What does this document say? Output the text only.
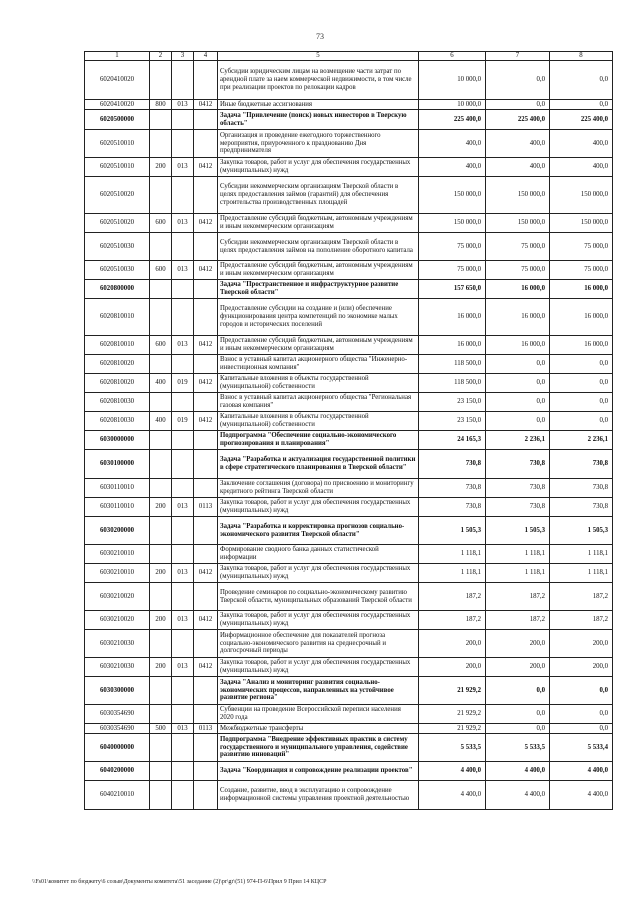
73
1	2	3	4	5	6	7	8
6020410020				Субсидии юридическим лицам на возмещение части затрат по арендной плате за наем коммерческой недвижимости, в том числе при реализации проектов по релокации кадров	10 000,0	0,0	0,0
6020410020	800	013	0412	Иные бюджетные ассигнования	10 000,0	0,0	0,0
6020500000				Задача "Привлечение (поиск) новых инвесторов в Тверскую область"	225 400,0	225 400,0	225 400,0
6020510010				Организация и проведение ежегодного торжественного мероприятия, приуроченного к празднованию Дня предпринимателя	400,0	400,0	400,0
6020510010	200	013	0412	Закупка товаров, работ и услуг для обеспечения государственных (муниципальных) нужд	400,0	400,0	400,0
6020510020				Субсидии некоммерческим организациям Тверской области в целях предоставления займов (гарантий) для обеспечения строительства производственных площадей	150 000,0	150 000,0	150 000,0
6020510020	600	013	0412	Предоставление субсидий бюджетным, автономным учреждениям и иным некоммерческим организациям	150 000,0	150 000,0	150 000,0
6020510030				Субсидии некоммерческим организациям Тверской области в целях предоставления займов на пополнение оборотного капитала	75 000,0	75 000,0	75 000,0
6020510030	600	013	0412	Предоставление субсидий бюджетным, автономным учреждениям и иным некоммерческим организациям	75 000,0	75 000,0	75 000,0
6020800000				Задача "Пространственное и инфраструктурное развитие Тверской области"	157 650,0	16 000,0	16 000,0
6020810010				Предоставление субсидии на создание и (или) обеспечение функционирования центра компетенций по экономике малых городов и исторических поселений	16 000,0	16 000,0	16 000,0
6020810010	600	013	0412	Предоставление субсидий бюджетным, автономным учреждениям и иным некоммерческим организациям	16 000,0	16 000,0	16 000,0
6020810020				Взнос в уставный капитал акционерного общества "Инженерно-инвестиционная компания"	118 500,0	0,0	0,0
6020810020	400	019	0412	Капитальные вложения в объекты государственной (муниципальной) собственности	118 500,0	0,0	0,0
6020810030				Взнос в уставный капитал акционерного общества "Региональная газовая компания"	23 150,0	0,0	0,0
6020810030	400	019	0412	Капитальные вложения в объекты государственной (муниципальной) собственности	23 150,0	0,0	0,0
6030000000				Подпрограмма "Обеспечение социально-экономического прогнозирования и планирования"	24 165,3	2 236,1	2 236,1
6030100000				Задача "Разработка и актуализация государственной политики в сфере стратегического планирования в Тверской области"	730,8	730,8	730,8
6030110010				Заключение соглашения (договора) по присвоению и мониторингу кредитного рейтинга Тверской области	730,8	730,8	730,8
6030110010	200	013	0113	Закупка товаров, работ и услуг для обеспечения государственных (муниципальных) нужд	730,8	730,8	730,8
6030200000				Задача "Разработка и корректировка прогнозов социально-экономического развития Тверской области"	1 505,3	1 505,3	1 505,3
6030210010				Формирование сводного банка данных статистической информации	1 118,1	1 118,1	1 118,1
6030210010	200	013	0412	Закупка товаров, работ и услуг для обеспечения государственных (муниципальных) нужд	1 118,1	1 118,1	1 118,1
6030210020				Проведение семинаров по социально-экономическому развитию Тверской области, муниципальных образований Тверской области	187,2	187,2	187,2
6030210020	200	013	0412	Закупка товаров, работ и услуг для обеспечения государственных (муниципальных) нужд	187,2	187,2	187,2
6030210030				Информационное обеспечение для показателей прогноза социально-экономического развития на среднесрочный и долгосрочный периоды	200,0	200,0	200,0
6030210030	200	013	0412	Закупка товаров, работ и услуг для обеспечения государственных (муниципальных) нужд	200,0	200,0	200,0
6030300000				Задача "Анализ и мониторинг развития социально-экономических процессов, направленных на устойчивое развитие региона"	21 929,2	0,0	0,0
6030354690				Субвенции на проведение Всероссийской переписи населения 2020 года	21 929,2	0,0	0,0
6030354690	500	013	0113	Межбюджетные трансферты	21 929,2	0,0	0,0
6040000000				Подпрограмма "Внедрение эффективных практик в систему государственного и муниципального управления, содействие развитию инноваций"	5 533,5	5 533,5	5 533,4
6040200000				Задача "Координация и сопровождение реализации проектов"	4 400,0	4 400,0	4 400,0
6040210010				Создание, развитие, ввод в эксплуатацию и сопровождение информационной системы управления проектной деятельностью	4 400,0	4 400,0	4 400,0
\\Fs01\комитет по бюджету\6 созыв\Документы комитета\51 заседание (2)\pr\gr\(51) 974-П-6\Прил 9 Прил 14 КЦСР
